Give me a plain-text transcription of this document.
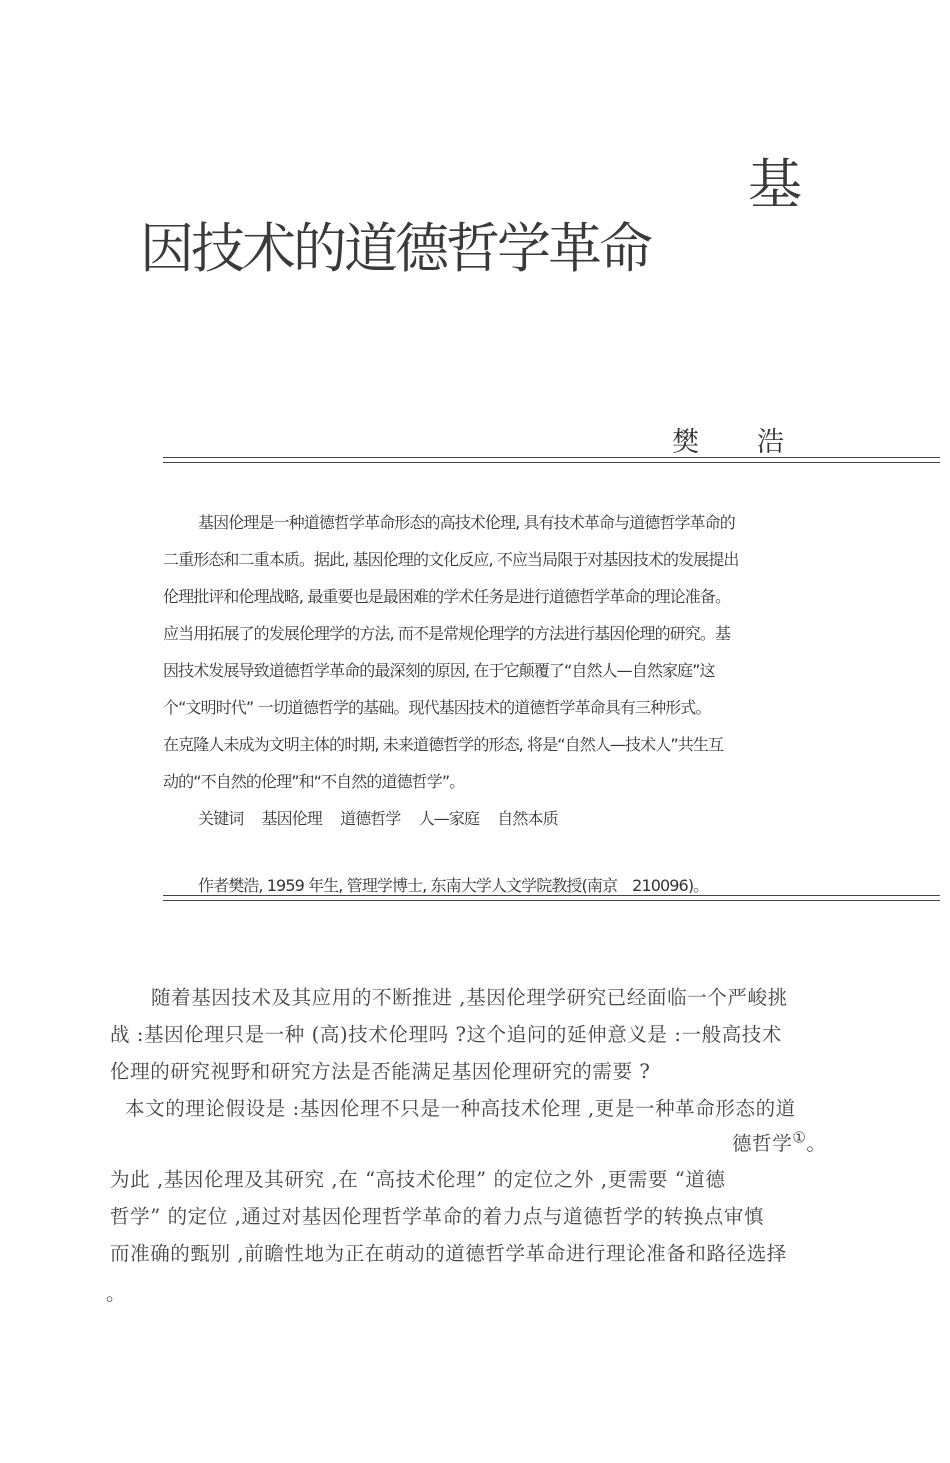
基
因技术的道德哲学革命
樊 浩
基因伦理是一种道德哲学革命形态的高技术伦理, 具有技术革命与道德哲学革命的
二重形态和二重本质。据此, 基因伦理的文化反应, 不应当局限于对基因技术的发展提出
伦理批评和伦理战略, 最重要也是最困难的学术任务是进行道德哲学革命的理论准备。
应当用拓展了的发展伦理学的方法, 而不是常规伦理学的方法进行基因伦理的研究。基
因技术发展导致道德哲学革命的最深刻的原因, 在于它颠覆了“自然人—自然家庭”这
个“文明时代” 一切道德哲学的基础。现代基因技术的道德哲学革命具有三种形式。
在克隆人未成为文明主体的时期, 未来道德哲学的形态, 将是“自然人—技术人”共生互
动的“不自然的伦理”和“不自然的道德哲学”。
关键词 基因伦理 道德哲学 人—家庭 自然本质
作者樊浩, 1959 年生, 管理学博士, 东南大学人文学院教授(南京　210096)。
随着基因技术及其应用的不断推进 ,基因伦理学研究已经面临一个严峻挑
战 :基因伦理只是一种 (高)技术伦理吗 ?这个追问的延伸意义是 :一般高技术
伦理的研究视野和研究方法是否能满足基因伦理研究的需要 ?
本文的理论假设是 :基因伦理不只是一种高技术伦理 ,更是一种革命形态的道
德哲学①。
为此 ,基因伦理及其研究 ,在 “高技术伦理” 的定位之外 ,更需要 “道德
哲学” 的定位 ,通过对基因伦理哲学革命的着力点与道德哲学的转换点审慎
而准确的甄别 ,前瞻性地为正在萌动的道德哲学革命进行理论准备和路径选择
。
